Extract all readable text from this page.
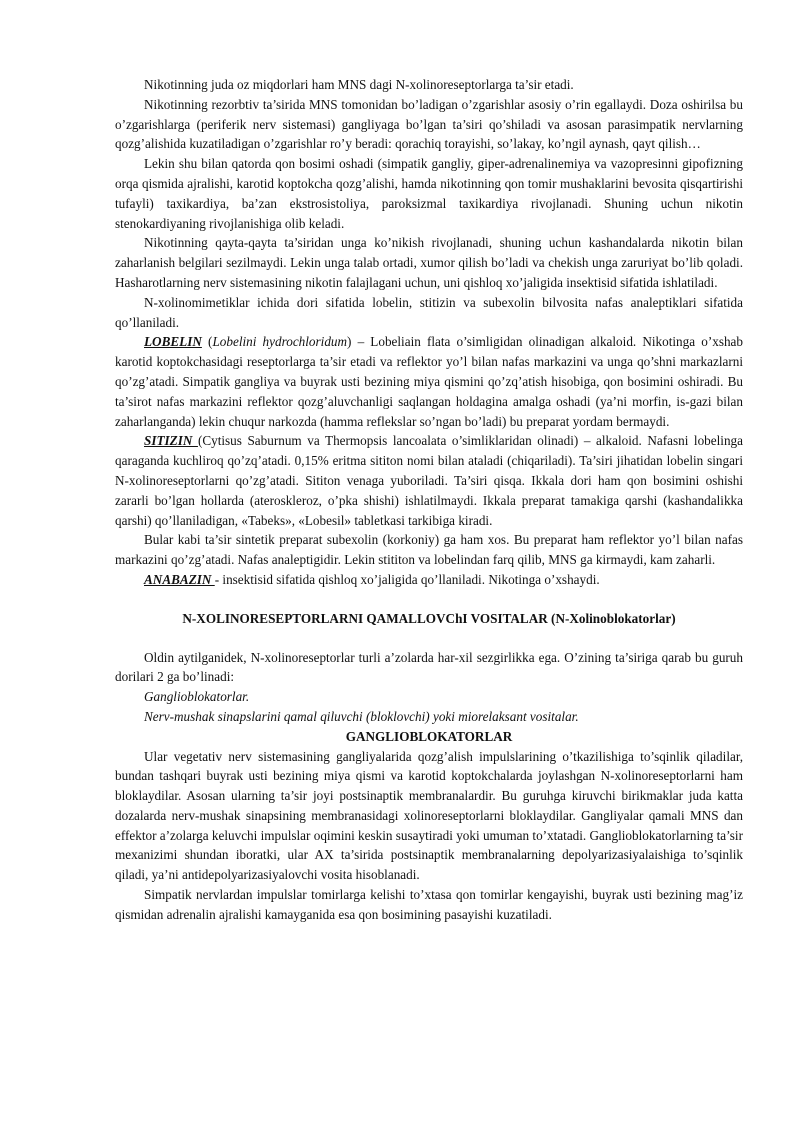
Nikotinning juda oz miqdorlari ham MNS dagi N-xolinoreseptorlarga ta’sir etadi.

Nikotinning rezorbtiv ta’sirida MNS tomonidan bo’ladigan o’zgarishlar asosiy o’rin egallaydi. Doza oshirilsa bu o’zgarishlarga (periferik nerv sistemasi) gangliyaga bo’lgan ta’siri qo’shiladi va asosan parasimpatik nervlarning qozg’alishida kuzatiladigan o’zgarishlar ro’y beradi: qorachiq torayishi, so’lakay, ko’ngil aynash, qayt qilish…

Lekin shu bilan qatorda qon bosimi oshadi (simpatik gangliy, giper-adrenalinemiya va vazopresinni gipofizning orqa qismida ajralishi, karotid koptokcha qozg’alishi, hamda nikotinning qon tomir mushaklarini bevosita qisqartirishi tufayli) taxikardiya, ba’zan ekstrosistoliya, paroksizmal taxikardiya rivojlanadi. Shuning uchun nikotin stenokardiyaning rivojlanishiga olib keladi.

Nikotinning qayta-qayta ta’siridan unga ko’nikish rivojlanadi, shuning uchun kashandalarda nikotin bilan zaharlanish belgilari sezilmaydi. Lekin unga talab ortadi, xumor qilish bo’ladi va chekish unga zaruriyat bo’lib qoladi. Hasharotlarning nerv sistemasining nikotin falajlagani uchun, uni qishloq xo’jaligida insektisid sifatida ishlatiladi.

N-xolinomimetiklar ichida dori sifatida lobelin, stitizin va subexolin bilvosita nafas analeptiklari sifatida qo’llaniladi.

LOBELIN (Lobelini hydrochloridum) – Lobeliain flata o’simligidan olinadigan alkaloid. Nikotinga o’xshab karotid koptokchasidagi reseptorlarga ta’sir etadi va reflektor yo’l bilan nafas markazini va unga qo’shni markazlarni qo’zg’atadi. Simpatik gangliya va buyrak usti bezining miya qismini qo’zq’atish hisobiga, qon bosimini oshiradi. Bu ta’sirot nafas markazini reflektor qozg’aluvchanligi saqlangan holdagina amalga oshadi (ya’ni morfin, is-gazi bilan zaharlanganda) lekin chuqur narkozda (hamma reflekslar so’ngan bo’ladi) bu preparat yordam bermaydi.

SITIZIN (Cytisus Saburnum va Thermopsis lancoalata o’simliklaridan olinadi) – alkaloid. Nafasni lobelinga qaraganda kuchliroq qo’zq’atadi. 0,15% eritma sititon nomi bilan ataladi (chiqariladi). Ta’siri jihatidan lobelin singari N-xolinoreseptorlarni qo’zg’atadi. Sititon venaga yuboriladi. Ta’siri qisqa. Ikkala dori ham qon bosimini oshishi zararli bo’lgan hollarda (ateroskleroz, o’pka shishi) ishlatilmaydi. Ikkala preparat tamakiga qarshi (kashandalikka qarshi) qo’llaniladigan, «Tabeks», «Lobesil» tabletkasi tarkibiga kiradi.

Bular kabi ta’sir sintetik preparat subexolin (korkoniy) ga ham xos. Bu preparat ham reflektor yo’l bilan nafas markazini qo’zg’atadi. Nafas analeptigidir. Lekin stititon va lobelindan farq qilib, MNS ga kirmaydi, kam zaharli.

ANABAZIN - insektisid sifatida qishloq xo’jaligida qo’llaniladi. Nikotinga o’xshaydi.

N-XOLINORESEPTORLARNI QAMALLOVChI VOSITALAR (N-Xolinoblokatorlar)

Oldin aytilganidek, N-xolinoreseptorlar turli a’zolarda har-xil sezgirlikka ega. O’zining ta’siriga qarab bu guruh dorilari 2 ga bo’linadi:

Ganglioblokatorlar.

Nerv-mushak sinapslarini qamal qiluvchi (bloklovchi) yoki miorelaksant vositalar.

GANGLIOBLOKATORLAR

Ular vegetativ nerv sistemasining gangliyalarida qozg’alish impulslarining o’tkazilishiga to’sqinlik qiladilar, bundan tashqari buyrak usti bezining miya qismi va karotid koptokchalarda joylashgan N-xolinoreseptorlarni ham bloklaydilar. Asosan ularning ta’sir joyi postsinaptik membranalardir. Bu guruhga kiruvchi birikmaklar juda katta dozalarda nerv-mushak sinapsining membranasidagi xolinoreseptorlarni bloklaydilar. Gangliyalar qamali MNS dan effektor a’zolarga keluvchi impulslar oqimini keskin susaytiradi yoki umuman to’xtatadi. Ganglioblokatorlarning ta’sir mexanizimi shundan iboratki, ular AX ta’sirida postsinaptik membranalarning depolyarizasiyalaishiga to’sqinlik qiladi, ya’ni antidepolyarizasiyalovchi vosita hisoblanadi.

Simpatik nervlardan impulslar tomirlarga kelishi to’xtasa qon tomirlar kengayishi, buyrak usti bezining mag’iz qismidan adrenalin ajralishi kamayganida esa qon bosimining pasayishi kuzatiladi.
